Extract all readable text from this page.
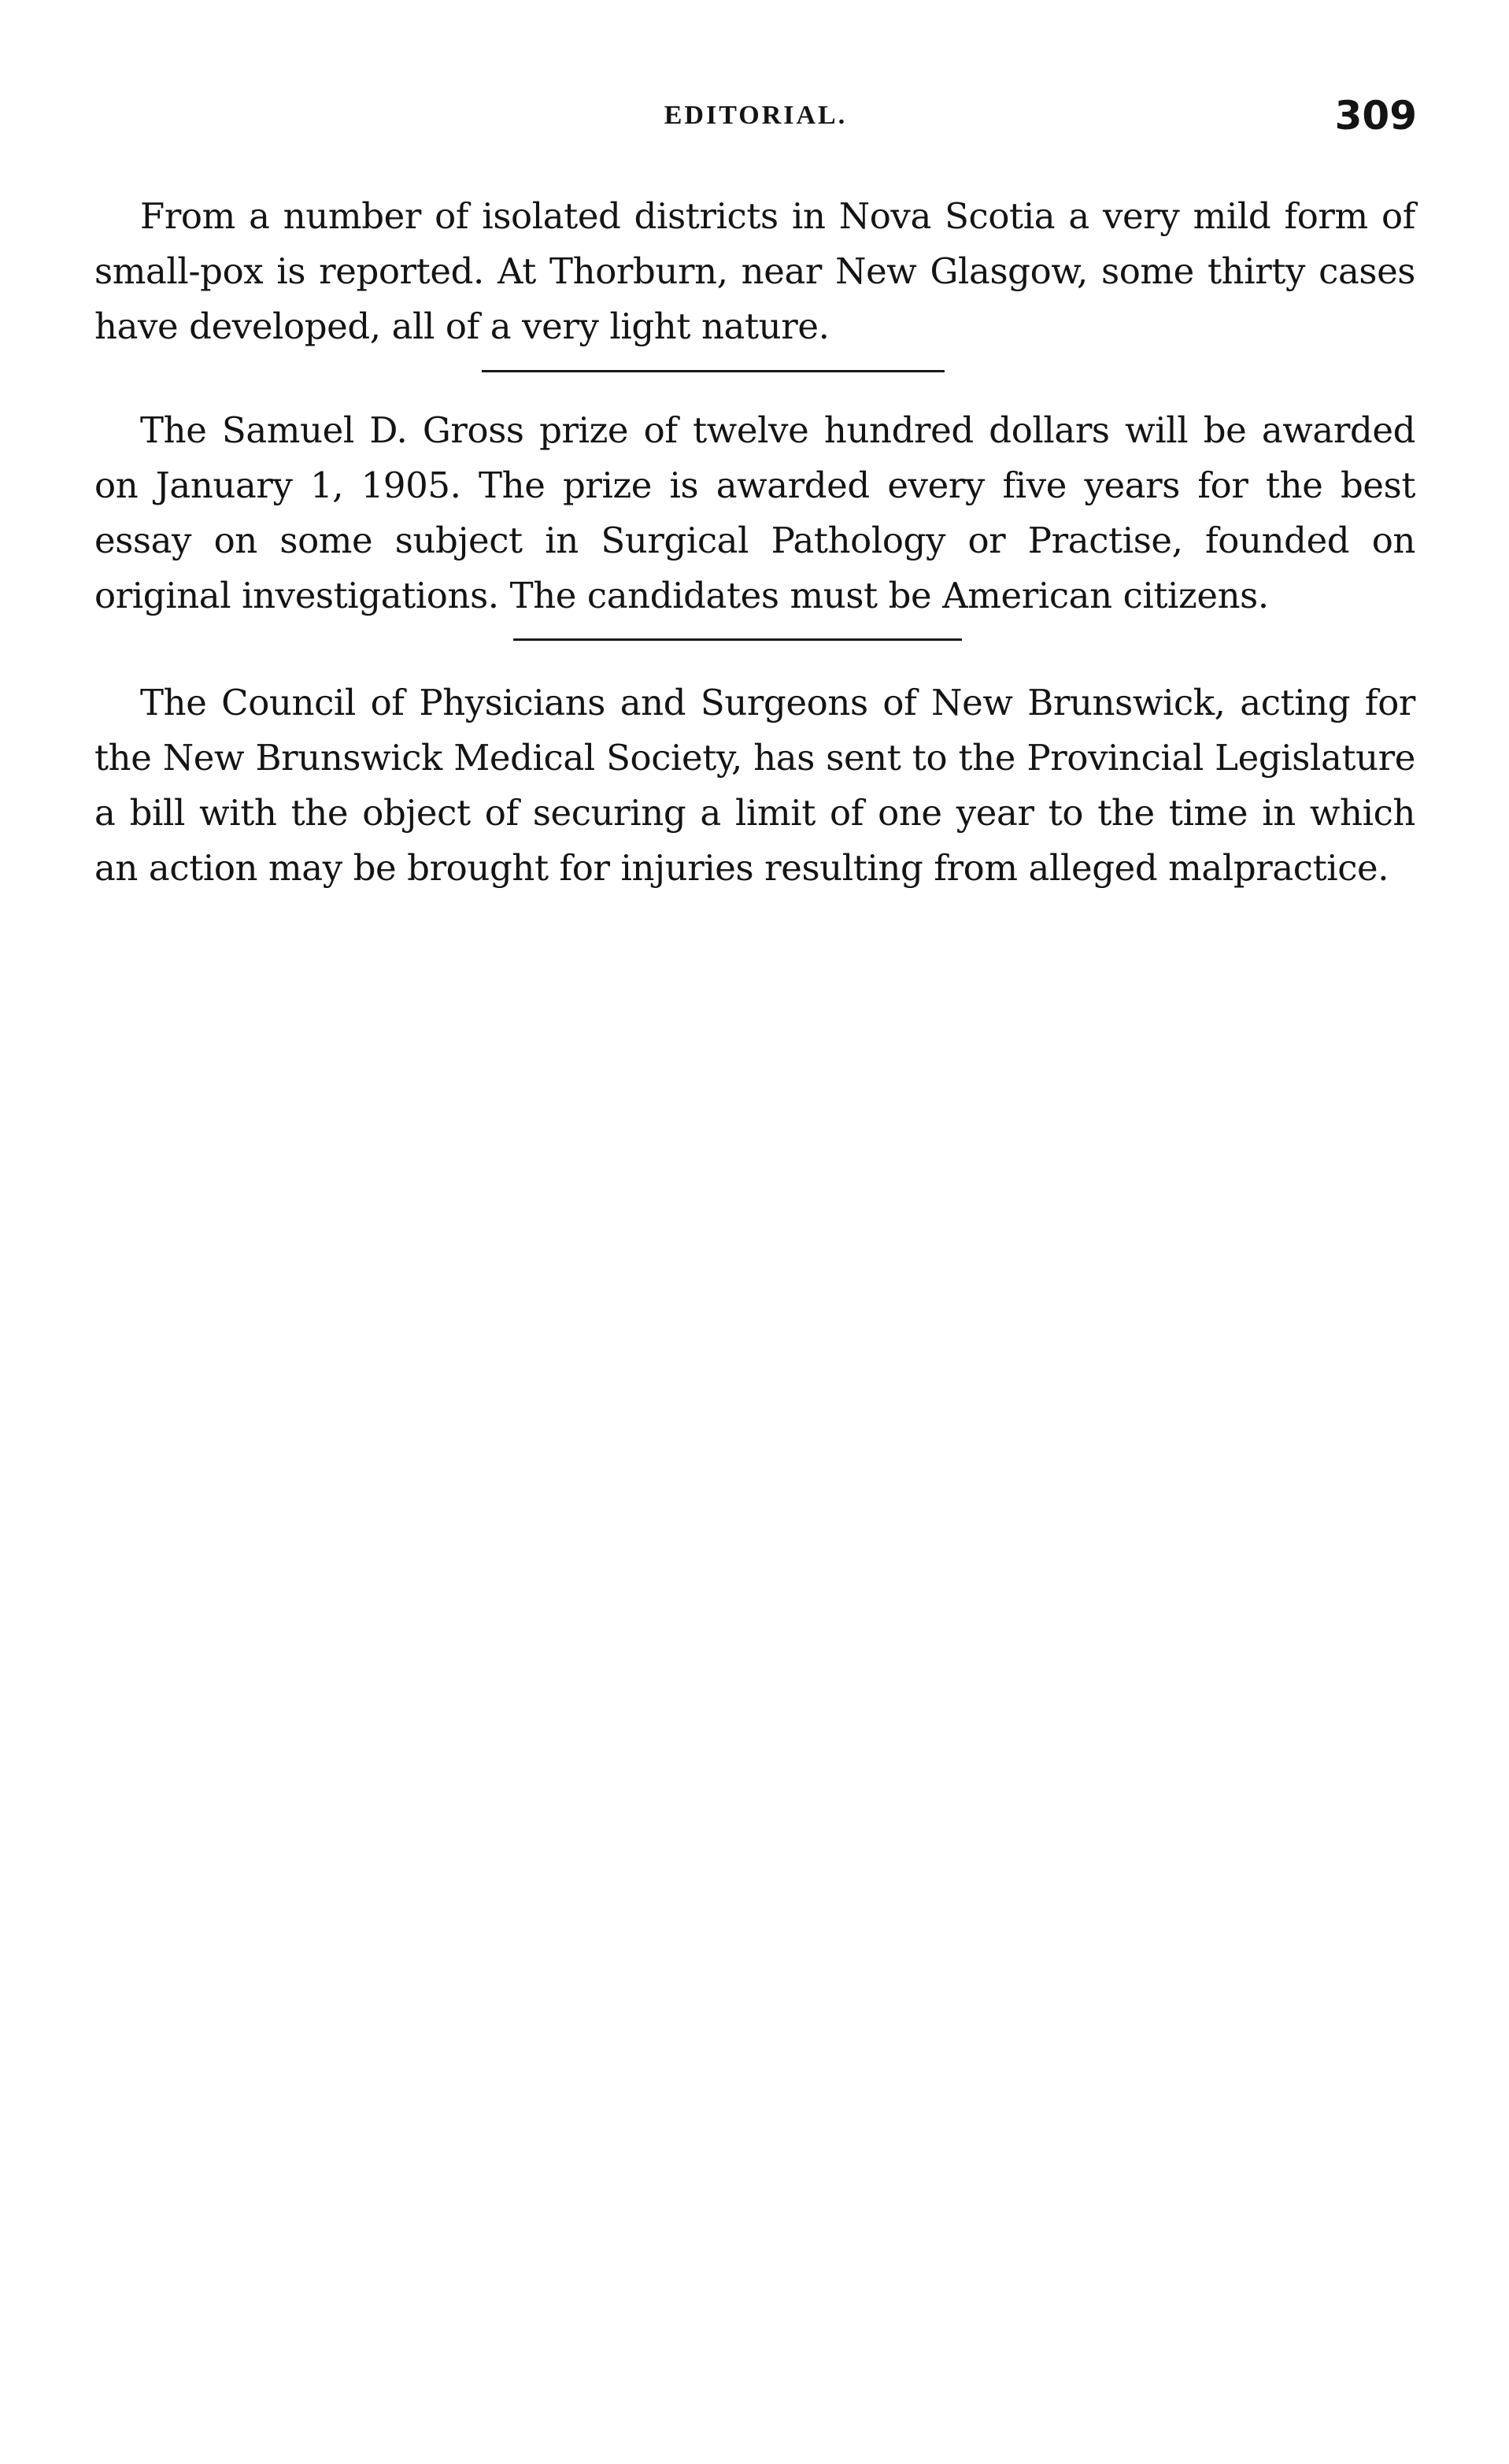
EDITORIAL.	309

From a number of isolated districts in Nova Scotia a very mild form of small-pox is reported. At Thorburn, near New Glasgow, some thirty cases have developed, all of a very light nature.

The Samuel D. Gross prize of twelve hundred dollars will be awarded on January 1, 1905. The prize is awarded every five years for the best essay on some subject in Surgical Pathology or Practise, founded on original investigations. The candidates must be American citizens.

The Council of Physicians and Surgeons of New Brunswick, acting for the New Brunswick Medical Society, has sent to the Provincial Legislature a bill with the object of securing a limit of one year to the time in which an action may be brought for injuries resulting from alleged malpractice.
